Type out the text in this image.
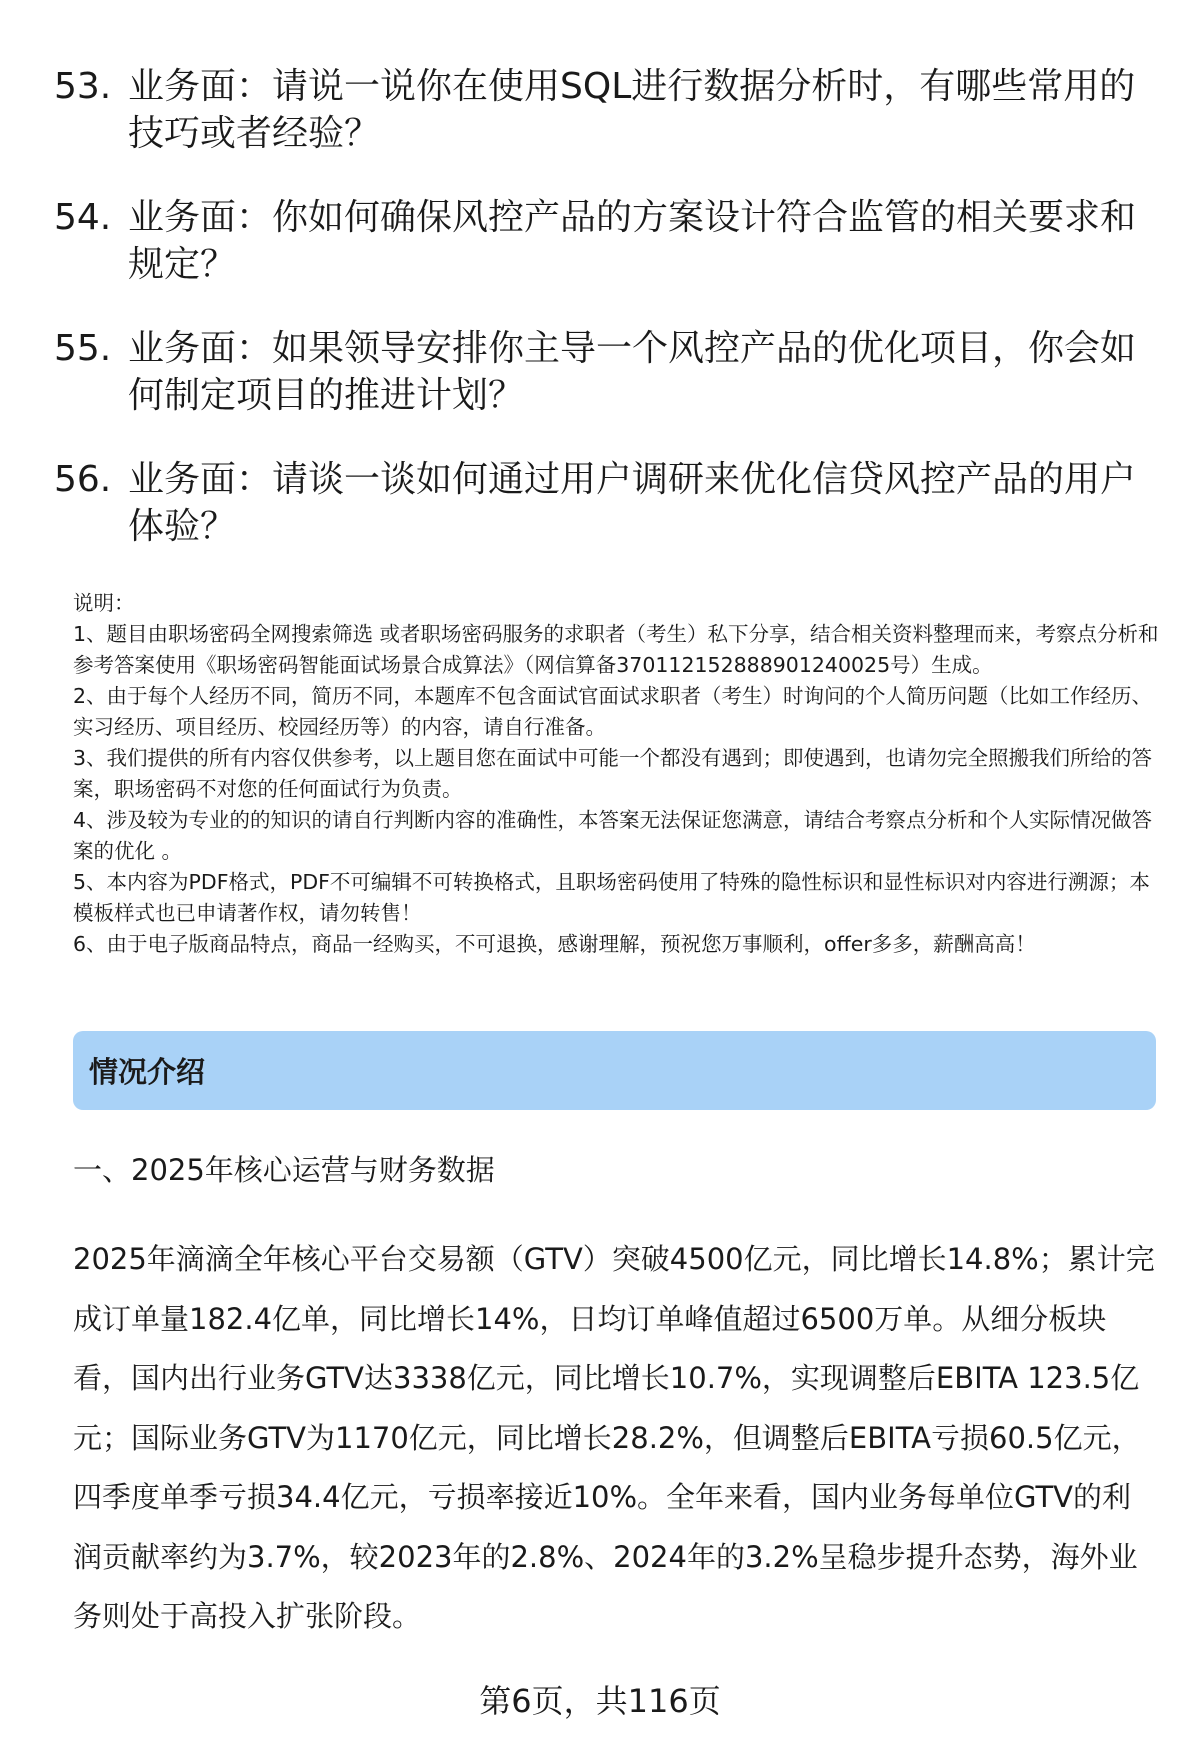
53. 业务面：请说一说你在使用SQL进行数据分析时，有哪些常用的
技巧或者经验？
54. 业务面：你如何确保风控产品的方案设计符合监管的相关要求和
规定？
55. 业务面：如果领导安排你主导一个风控产品的优化项目，你会如
何制定项目的推进计划？
56. 业务面：请谈一谈如何通过用户调研来优化信贷风控产品的用户
体验？
说明：
1、题目由职场密码全网搜索筛选 或者职场密码服务的求职者（考生）私下分享，结合相关资料整理而来，考察点分析和参考答案使用《职场密码智能面试场景合成算法》（网信算备370112152888901240025号）生成。
2、由于每个人经历不同，简历不同，本题库不包含面试官面试求职者（考生）时询问的个人简历问题（比如工作经历、实习经历、项目经历、校园经历等）的内容，请自行准备。
3、我们提供的所有内容仅供参考，以上题目您在面试中可能一个都没有遇到；即使遇到，也请勿完全照搬我们所给的答案，职场密码不对您的任何面试行为负责。
4、涉及较为专业的的知识的请自行判断内容的准确性，本答案无法保证您满意，请结合考察点分析和个人实际情况做答案的优化 。
5、本内容为PDF格式，PDF不可编辑不可转换格式，且职场密码使用了特殊的隐性标识和显性标识对内容进行溯源；本模板样式也已申请著作权，请勿转售！
6、由于电子版商品特点，商品一经购买，不可退换，感谢理解，预祝您万事顺利，offer多多，薪酬高高！
情况介绍
一、2025年核心运营与财务数据
2025年滴滴全年核心平台交易额（GTV）突破4500亿元，同比增长14.8%；累计完成订单量182.4亿单，同比增长14%，日均订单峰值超过6500万单。从细分板块看，国内出行业务GTV达3338亿元，同比增长10.7%，实现调整后EBITA 123.5亿元；国际业务GTV为1170亿元，同比增长28.2%，但调整后EBITA亏损60.5亿元，四季度单季亏损34.4亿元，亏损率接近10%。全年来看，国内业务每单位GTV的利润贡献率约为3.7%，较2023年的2.8%、2024年的3.2%呈稳步提升态势，海外业务则处于高投入扩张阶段。
第6页，共116页
